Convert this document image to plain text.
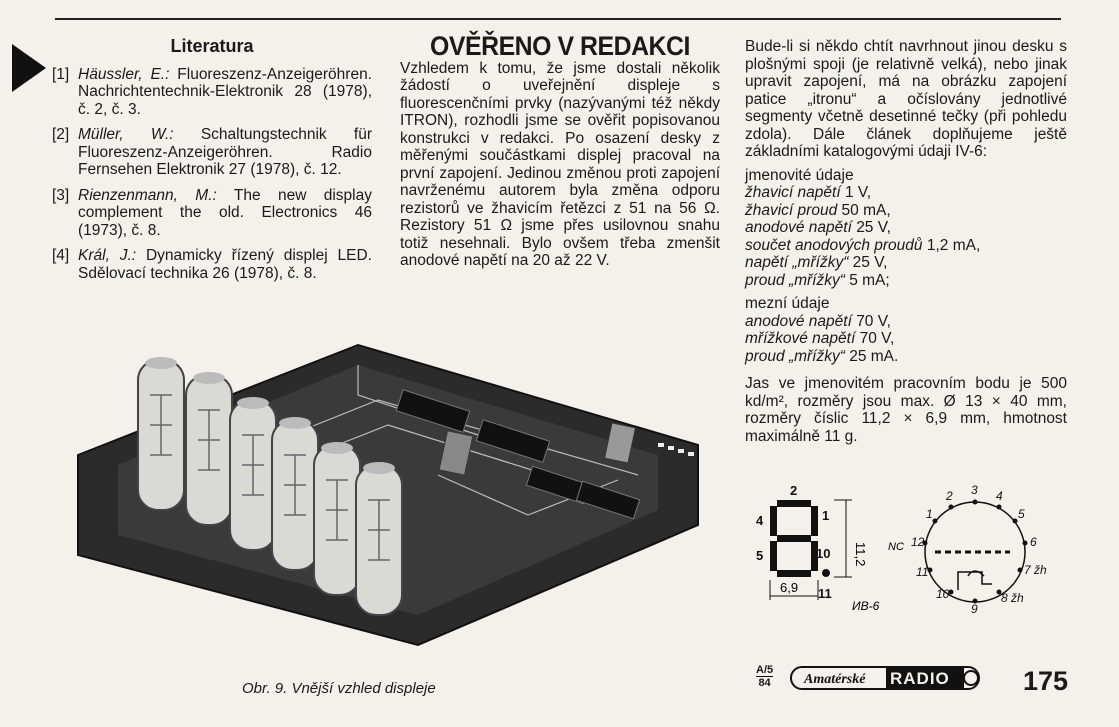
Literatura
[1] Häussler, E.: Fluoreszenz-Anzeigeröhren. Nachrichtentechnik-Elektronik 28 (1978), č. 2, č. 3.
[2] Müller, W.: Schaltungstechnik für Fluoreszenz-Anzeigeröhren. Radio Fernsehen Elektronik 27 (1978), č. 12.
[3] Rienzenmann, M.: The new display complement the old. Electronics 46 (1973), č. 8.
[4] Král, J.: Dynamicky řízený displej LED. Sdělovací technika 26 (1978), č. 8.
OVĚŘENO V REDAKCI

Vzhledem k tomu, že jsme dostali několik žádostí o uveřejnění displeje s fluorescenčními prvky (nazývanými též někdy ITRON), rozhodli jsme se ověřit popisovanou konstrukci v redakci. Po osazení desky z měřenými součástkami displej pracoval na první zapojení. Jedinou změnou proti zapojení navrženému autorem byla změna odporu rezistorů ve žhavicím řetězci z 51 na 56 Ω. Rezistory 51 Ω jsme přes usilovnou snahu totiž nesehnali. Bylo ovšem třeba zmenšit anodové napětí na 20 až 22 V.

Bude-li si někdo chtít navrhnout jinou desku s plošnými spoji (je relativně velká), nebo jinak upravit zapojení, má na obrázku zapojení patice „itronu“ a očíslovány jednotlivé segmenty včetně desetinné tečky (při pohledu zdola). Dále článek doplňujeme ještě základními katalogovými údaji IV-6:

jmenovité údaje
žhavicí napětí 1 V,
žhavicí proud 50 mA,
anodové napětí 25 V,
součet anodových proudů 1,2 mA,
napětí „mřížky“ 25 V,
proud „mřížky“ 5 mA;
mezní údaje
anodové napětí 70 V,
mřížkové napětí 70 V,
proud „mřížky“ 25 mA.

Jas ve jmenovitém pracovním bodu je 500 kd/m², rozměry jsou max. Ø 13 × 40 mm, rozměry číslic 11,2 × 6,9 mm, hmotnost maximálně 11 g.

Obr. 9. Vnější vzhled displeje
2
4 3 1
5 6 10
11
11,2
6,9
ИВ-6
1
2 3 4
5
6
7 žh
8 žh
9
10
11
12
NC
A/5
84 Amatérské RADIO	175
